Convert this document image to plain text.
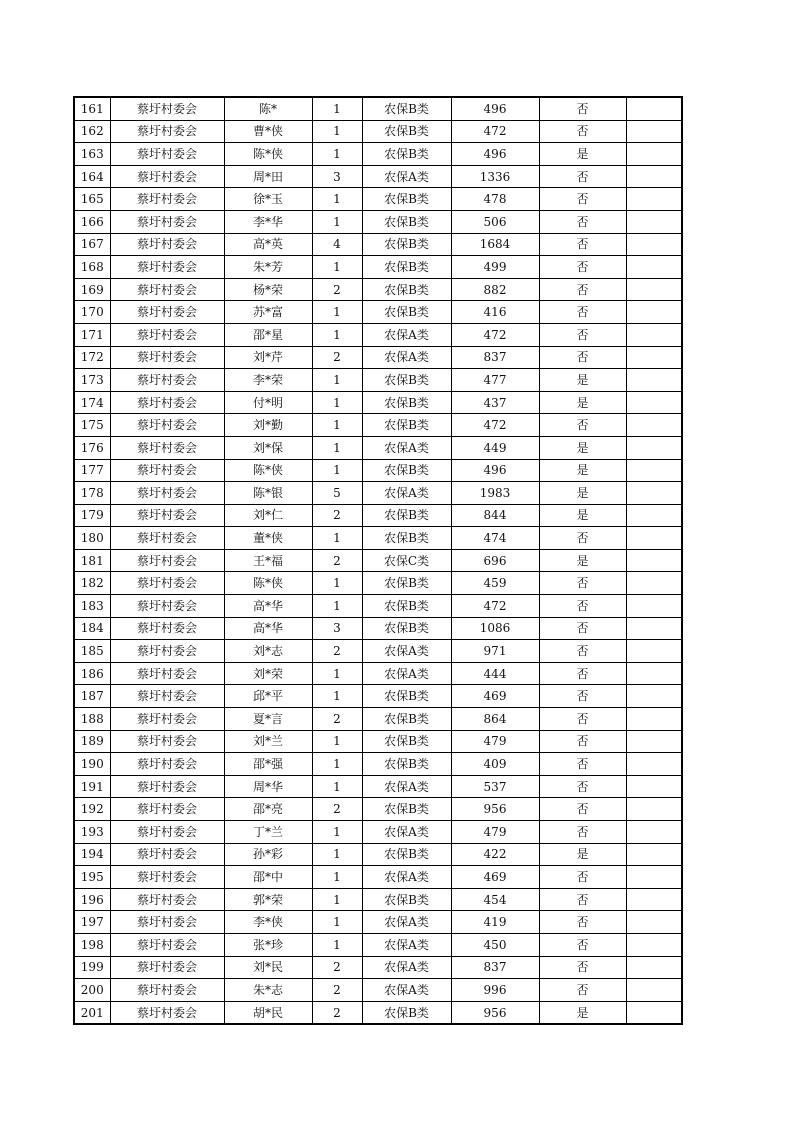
161	蔡圩村委会	陈*	1	农保B类	496	否	
162	蔡圩村委会	曹*侠	1	农保B类	472	否	
163	蔡圩村委会	陈*侠	1	农保B类	496	是	
164	蔡圩村委会	周*田	3	农保A类	1336	否	
165	蔡圩村委会	徐*玉	1	农保B类	478	否	
166	蔡圩村委会	李*华	1	农保B类	506	否	
167	蔡圩村委会	高*英	4	农保B类	1684	否	
168	蔡圩村委会	朱*芳	1	农保B类	499	否	
169	蔡圩村委会	杨*荣	2	农保B类	882	否	
170	蔡圩村委会	苏*富	1	农保B类	416	否	
171	蔡圩村委会	邵*星	1	农保A类	472	否	
172	蔡圩村委会	刘*芹	2	农保A类	837	否	
173	蔡圩村委会	李*荣	1	农保B类	477	是	
174	蔡圩村委会	付*明	1	农保B类	437	是	
175	蔡圩村委会	刘*勤	1	农保B类	472	否	
176	蔡圩村委会	刘*保	1	农保A类	449	是	
177	蔡圩村委会	陈*侠	1	农保B类	496	是	
178	蔡圩村委会	陈*银	5	农保A类	1983	是	
179	蔡圩村委会	刘*仁	2	农保B类	844	是	
180	蔡圩村委会	董*侠	1	农保B类	474	否	
181	蔡圩村委会	王*福	2	农保C类	696	是	
182	蔡圩村委会	陈*侠	1	农保B类	459	否	
183	蔡圩村委会	高*华	1	农保B类	472	否	
184	蔡圩村委会	高*华	3	农保B类	1086	否	
185	蔡圩村委会	刘*志	2	农保A类	971	否	
186	蔡圩村委会	刘*荣	1	农保A类	444	否	
187	蔡圩村委会	邱*平	1	农保B类	469	否	
188	蔡圩村委会	夏*言	2	农保B类	864	否	
189	蔡圩村委会	刘*兰	1	农保B类	479	否	
190	蔡圩村委会	邵*强	1	农保B类	409	否	
191	蔡圩村委会	周*华	1	农保A类	537	否	
192	蔡圩村委会	邵*亮	2	农保B类	956	否	
193	蔡圩村委会	丁*兰	1	农保A类	479	否	
194	蔡圩村委会	孙*彩	1	农保B类	422	是	
195	蔡圩村委会	邵*中	1	农保A类	469	否	
196	蔡圩村委会	郭*荣	1	农保B类	454	否	
197	蔡圩村委会	李*侠	1	农保A类	419	否	
198	蔡圩村委会	张*珍	1	农保A类	450	否	
199	蔡圩村委会	刘*民	2	农保A类	837	否	
200	蔡圩村委会	朱*志	2	农保A类	996	否	
201	蔡圩村委会	胡*民	2	农保B类	956	是	
